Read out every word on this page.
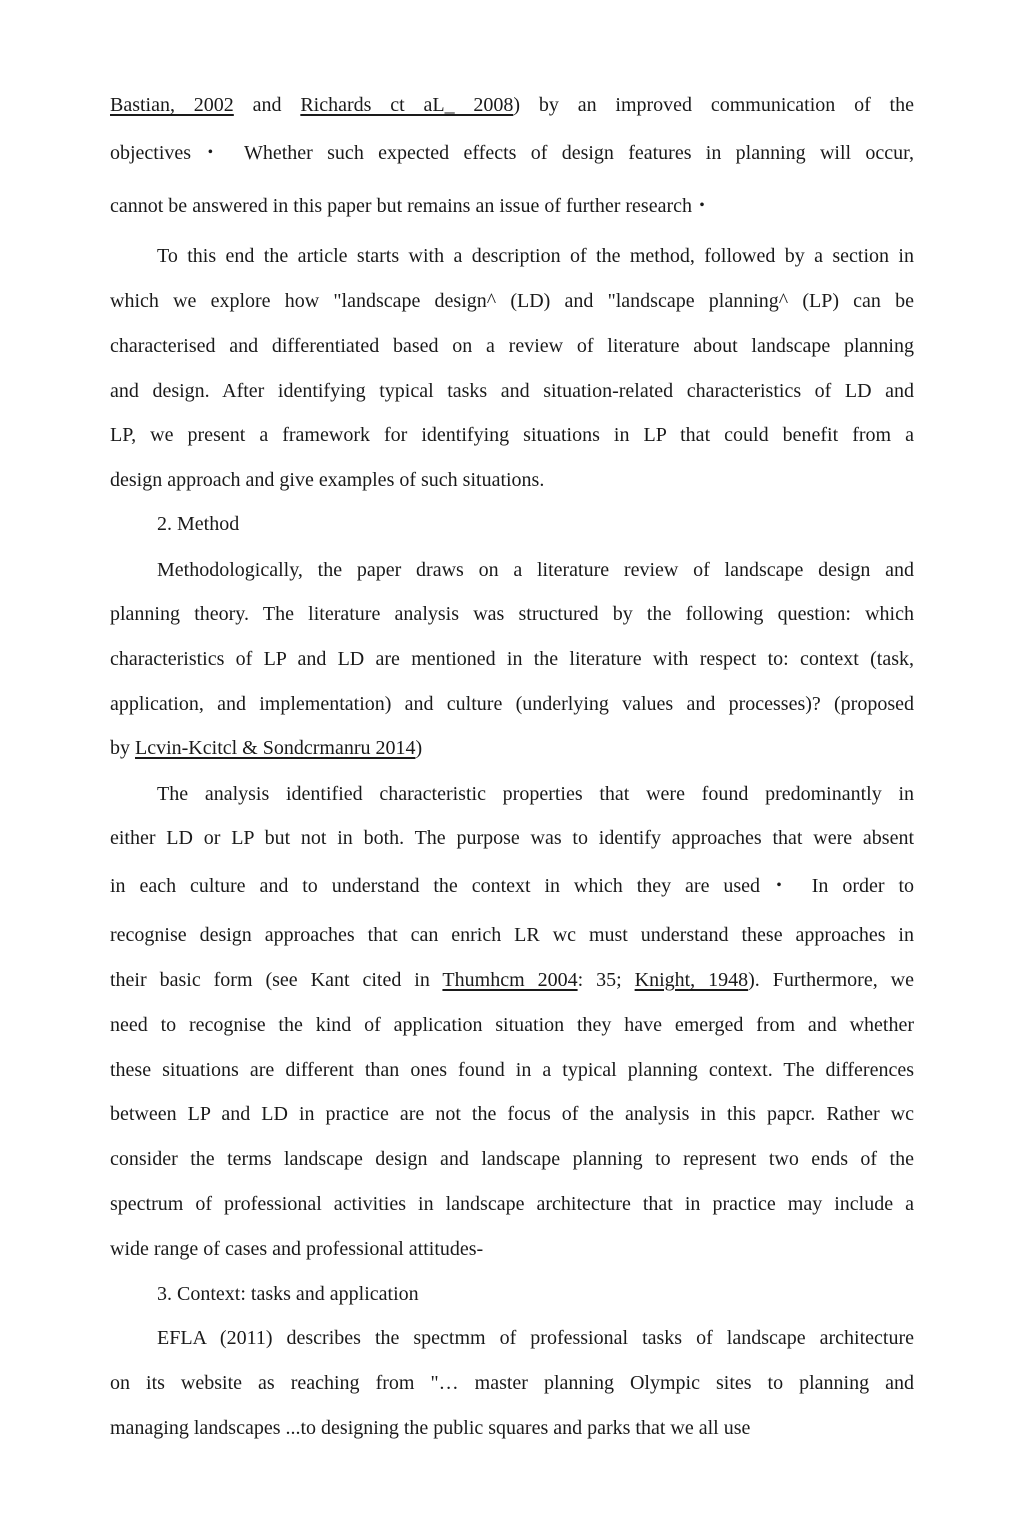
Bastian, 2002 and Richards ct aL_ 2008) by an improved communication of the
objectives・ Whether such expected effects of design features in planning will occur,
cannot be answered in this paper but remains an issue of further research・
To this end the article starts with a description of the method, followed by a section in
which we explore how "landscape design^ (LD) and "landscape planning^ (LP) can be
characterised and differentiated based on a review of literature about landscape planning
and design. After identifying typical tasks and situation-related characteristics of LD and
LP, we present a framework for identifying situations in LP that could benefit from a
design approach and give examples of such situations.
2. Method
Methodologically, the paper draws on a literature review of landscape design and
planning theory. The literature analysis was structured by the following question: which
characteristics of LP and LD are mentioned in the literature with respect to: context (task,
application, and implementation) and culture (underlying values and processes)? (proposed
by Lcvin-Kcitcl & Sondcrmanru 2014)
The analysis identified characteristic properties that were found predominantly in
either LD or LP but not in both. The purpose was to identify approaches that were absent
in each culture and to understand the context in which they are used・ In order to
recognise design approaches that can enrich LR wc must understand these approaches in
their basic form (see Kant cited in Thumhcm 2004: 35; Knight, 1948). Furthermore, we
need to recognise the kind of application situation they have emerged from and whether
these situations are different than ones found in a typical planning context. The differences
between LP and LD in practice are not the focus of the analysis in this papcr. Rather wc
consider the terms landscape design and landscape planning to represent two ends of the
spectrum of professional activities in landscape architecture that in practice may include a
wide range of cases and professional attitudes-
3. Context: tasks and application
EFLA (2011) describes the spectmm of professional tasks of landscape architecture
on its website as reaching from "… master planning Olympic sites to planning and
managing landscapes ...to designing the public squares and parks that we all use
